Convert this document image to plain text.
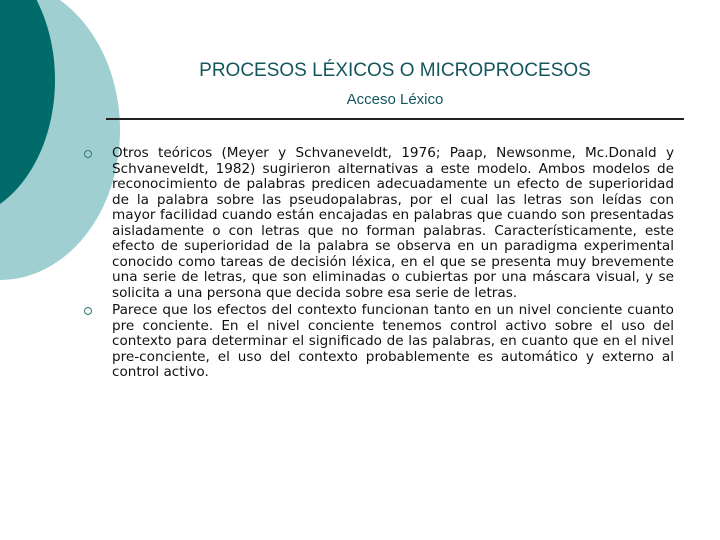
PROCESOS LÉXICOS O MICROPROCESOS
Acceso Léxico
Otros teóricos (Meyer y Schvaneveldt, 1976; Paap, Newsonme, Mc.Donald y Schvaneveldt, 1982) sugirieron alternativas a este modelo. Ambos modelos de reconocimiento de palabras predicen adecuadamente un efecto de superioridad de la palabra sobre las pseudopalabras, por el cual las letras son leídas con mayor facilidad cuando están encajadas en palabras que cuando son presentadas aisladamente o con letras que no forman palabras. Característicamente, este efecto de superioridad de la palabra se observa en un paradigma experimental conocido como tareas de decisión léxica, en el que se presenta muy brevemente una serie de letras, que son eliminadas o cubiertas por una máscara visual, y se solicita a una persona que decida sobre esa serie de letras.
Parece que los efectos del contexto funcionan tanto en un nivel conciente cuanto pre conciente. En el nivel conciente tenemos control activo sobre el uso del contexto para determinar el significado de las palabras, en cuanto que en el nivel pre-conciente, el uso del contexto probablemente es automático y externo al control activo.
